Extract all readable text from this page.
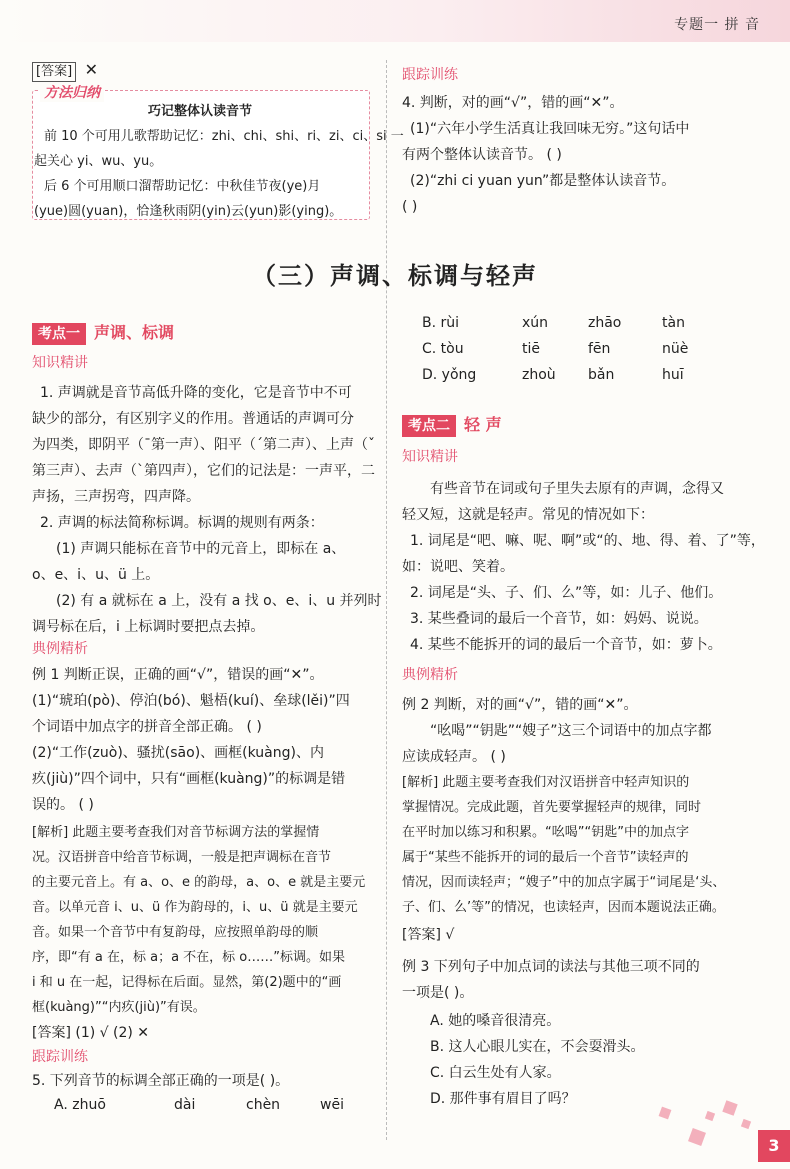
专题一 拼 音
[答案] ✕
方法归纳
巧记整体认读音节
前 10 个可用儿歌帮助记忆：zhi、chi、shi、ri、zi、ci、si 一
起关心 yi、wu、yu。
后 6 个可用顺口溜帮助记忆：中秋佳节夜(ye)月
(yue)圆(yuan)，恰逢秋雨阴(yin)云(yun)影(ying)。
跟踪训练
4. 判断，对的画“√”，错的画“✕”。
(1)“六年小学生活真让我回味无穷。”这句话中
有两个整体认读音节。 ( )
(2)“zhi ci yuan yun”都是整体认读音节。
( )
（三）声调、标调与轻声
考点一 声调、标调
知识精讲
1. 声调就是音节高低升降的变化，它是音节中不可
缺少的部分，有区别字义的作用。普通话的声调可分
为四类，即阴平（ˉ第一声）、阳平（ˊ第二声）、上声（ˇ
第三声）、去声（ˋ第四声），它们的记法是：一声平，二
声扬，三声拐弯，四声降。
2. 声调的标法简称标调。标调的规则有两条：
(1) 声调只能标在音节中的元音上，即标在 a、
o、e、i、u、ü 上。
(2) 有 a 就标在 a 上，没有 a 找 o、e、i、u 并列时
调号标在后，i 上标调时要把点去掉。
典例精析
例 1 判断正误，正确的画“√”，错误的画“✕”。
(1)“琥珀(pò)、停泊(bó)、魁梧(kuí)、垒球(lěi)”四
个词语中加点字的拼音全部正确。 ( )
(2)“工作(zuò)、骚扰(sāo)、画框(kuàng)、内
疚(jiù)”四个词中，只有“画框(kuàng)”的标调是错
误的。 ( )
[解析] 此题主要考查我们对音节标调方法的掌握情
况。汉语拼音中给音节标调，一般是把声调标在音节
的主要元音上。有 a、o、e 的韵母，a、o、e 就是主要元
音。以单元音 i、u、ü 作为韵母的，i、u、ü 就是主要元
音。如果一个音节中有复韵母，应按照单韵母的顺
序，即“有 a 在，标 a；a 不在，标 o……”标调。如果
i 和 u 在一起，记得标在后面。显然，第(2)题中的“画
框(kuàng)”“内疚(jiù)”有误。
[答案] (1) √ (2) ✕
跟踪训练
5. 下列音节的标调全部正确的一项是( )。
A. zhuō	dài	chèn	wēi
B. rùi	xún	zhāo	tàn
C. tòu	tiē	fēn	nüè
D. yǒng	zhoù	bǎn	huī
考点二 轻 声
知识精讲
有些音节在词或句子里失去原有的声调，念得又
轻又短，这就是轻声。常见的情况如下：
1. 词尾是“吧、嘛、呢、啊”或“的、地、得、着、了”等，
如：说吧、笑着。
2. 词尾是“头、子、们、么”等，如：儿子、他们。
3. 某些叠词的最后一个音节，如：妈妈、说说。
4. 某些不能拆开的词的最后一个音节，如：萝卜。
典例精析
例 2 判断，对的画“√”，错的画“✕”。
“吆喝”“钥匙”“嫂子”这三个词语中的加点字都
应读成轻声。 ( )
[解析] 此题主要考查我们对汉语拼音中轻声知识的
掌握情况。完成此题，首先要掌握轻声的规律，同时
在平时加以练习和积累。“吆喝”“钥匙”中的加点字
属于“某些不能拆开的词的最后一个音节”读轻声的
情况，因而读轻声；“嫂子”中的加点字属于“词尾是‘头、
子、们、么’等”的情况，也读轻声，因而本题说法正确。
[答案] √
例 3 下列句子中加点词的读法与其他三项不同的
一项是( )。
A. 她的嗓音很清亮。
B. 这人心眼儿实在，不会耍滑头。
C. 白云生处有人家。
D. 那件事有眉目了吗？
3
